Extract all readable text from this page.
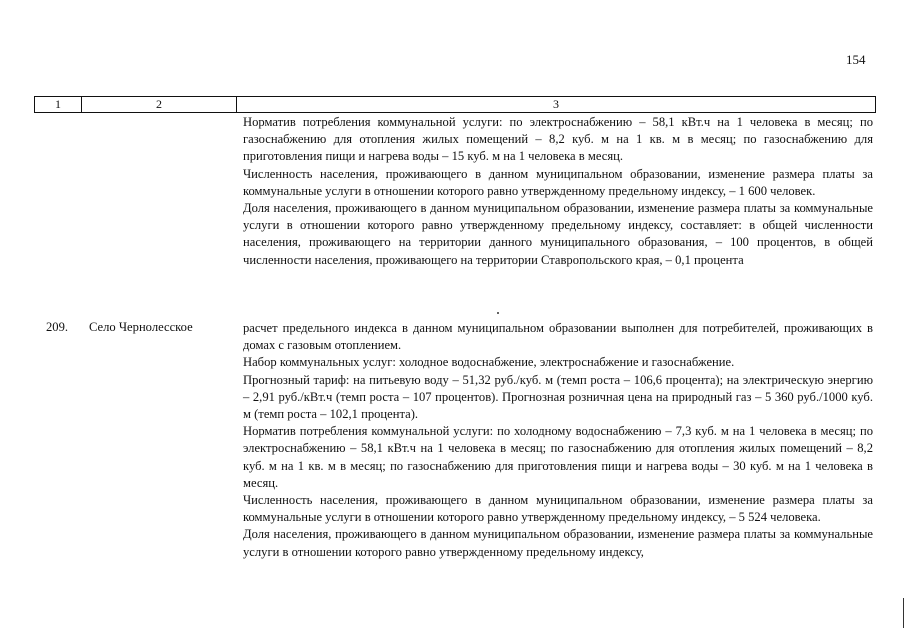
154
1	2	3

Норматив потребления коммунальной услуги: по электроснабжению – 58,1 кВт.ч на 1 человека в месяц; по газоснабжению для отопления жилых помещений – 8,2 куб. м на 1 кв. м в месяц; по газоснабжению для приготовления пищи и нагрева воды – 15 куб. м на 1 человека в месяц.

Численность населения, проживающего в данном муниципальном образовании, изменение размера платы за коммунальные услуги в отношении которого равно утвержденному предельному индексу, – 1 600 человек.

Доля населения, проживающего в данном муниципальном образовании, изменение размера платы за коммунальные услуги в отношении которого равно утвержденному предельному индексу, составляет: в общей численности населения, проживающего на территории данного муниципального образования, – 100 процентов, в общей численности населения, проживающего на территории Ставропольского края, – 0,1 процента

209. Село Чернолесское	расчет предельного индекса в данном муниципальном образовании выполнен для потребителей, проживающих в домах с газовым отоплением.

Набор коммунальных услуг: холодное водоснабжение, электроснабжение и газоснабжение.

Прогнозный тариф: на питьевую воду – 51,32 руб./куб. м (темп роста – 106,6 процента); на электрическую энергию – 2,91 руб./кВт.ч (темп роста – 107 процентов). Прогнозная розничная цена на природный газ – 5 360 руб./1000 куб. м (темп роста – 102,1 процента).

Норматив потребления коммунальной услуги: по холодному водоснабжению – 7,3 куб. м на 1 человека в месяц; по электроснабжению – 58,1 кВт.ч на 1 человека в месяц; по газоснабжению для отопления жилых помещений – 8,2 куб. м на 1 кв. м в месяц; по газоснабжению для приготовления пищи и нагрева воды – 30 куб. м на 1 человека в месяц.

Численность населения, проживающего в данном муниципальном образовании, изменение размера платы за коммунальные услуги в отношении которого равно утвержденному предельному индексу, – 5 524 человека.

Доля населения, проживающего в данном муниципальном образовании, изменение размера платы за коммунальные услуги в отношении которого равно утвержденному предельному индексу,
